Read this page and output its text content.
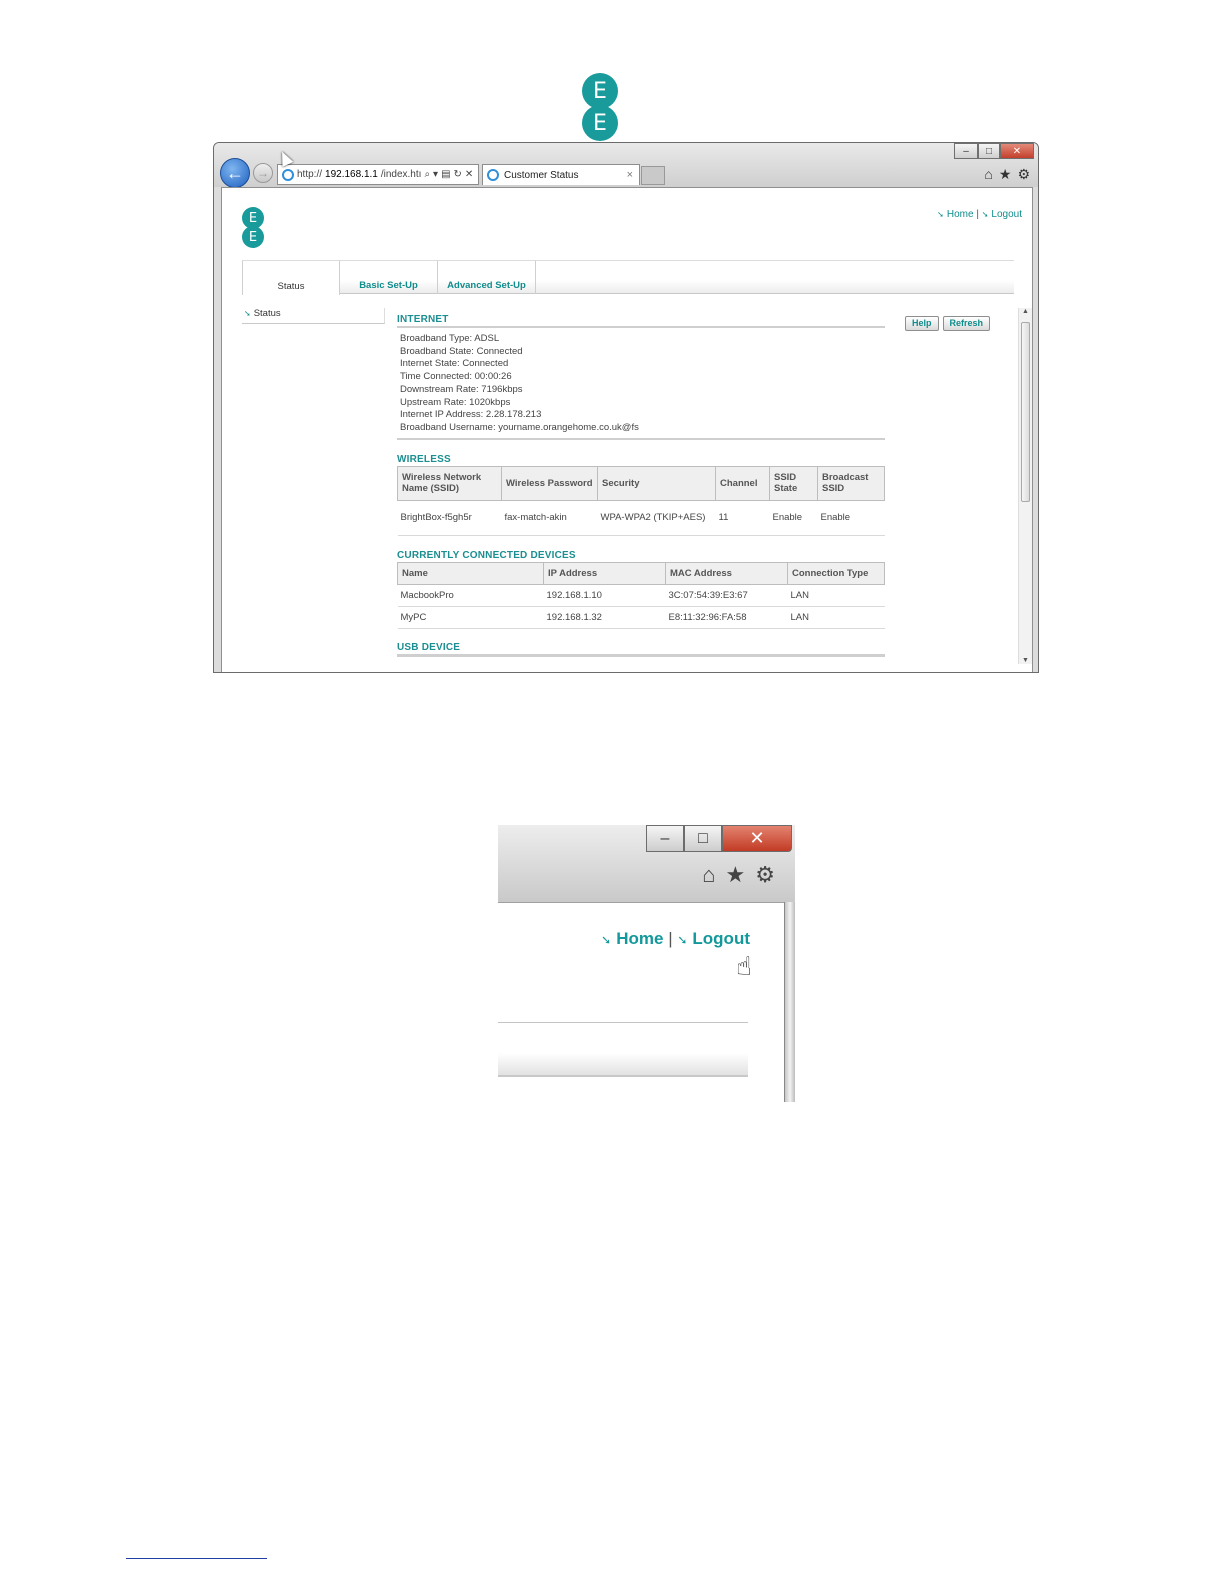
E
E
–	□	✕
←	→	http:// 192.168.1.1 /index.htı ⌕ ▾ ▤ ↻ ✕	Customer Status	×	⌂ ★ ⚙
E
E
➘ Home | ➘ Logout
Status	Basic Set-Up	Advanced Set-Up
➘ Status
Help	Refresh
INTERNET
Broadband Type: ADSL
Broadband State: Connected
Internet State: Connected
Time Connected: 00:00:26
Downstream Rate: 7196kbps
Upstream Rate: 1020kbps
Internet IP Address: 2.28.178.213
Broadband Username: yourname.orangehome.co.uk@fs
WIRELESS
Wireless Network Name (SSID)	Wireless Password	Security	Channel	SSID State	Broadcast SSID
BrightBox-f5gh5r	fax-match-akin	WPA-WPA2 (TKIP+AES)	11	Enable	Enable
CURRENTLY CONNECTED DEVICES
Name	IP Address	MAC Address	Connection Type
MacbookPro	192.168.1.10	3C:07:54:39:E3:67	LAN
MyPC	192.168.1.32	E8:11:32:96:FA:58	LAN
USB DEVICE
▲
▼
–	□	✕
⌂ ★ ⚙
➘ Home | ➘ Logout
☝
